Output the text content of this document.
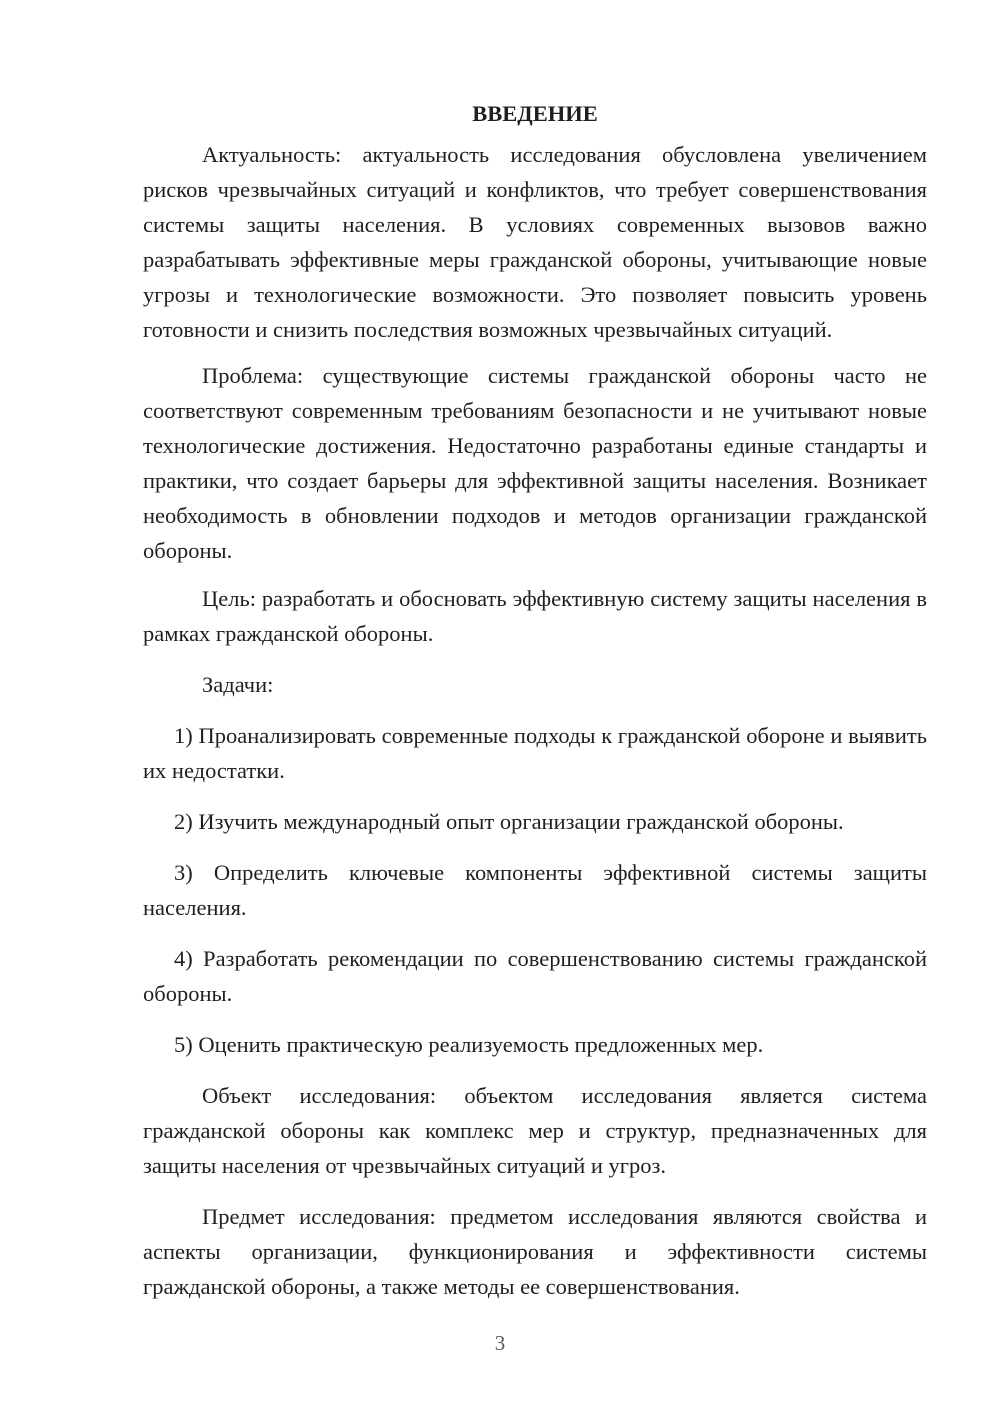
ВВЕДЕНИЕ

Актуальность: актуальность исследования обусловлена увеличением рисков чрезвычайных ситуаций и конфликтов, что требует совершенствования системы защиты населения. В условиях современных вызовов важно разрабатывать эффективные меры гражданской обороны, учитывающие новые угрозы и технологические возможности. Это позволяет повысить уровень готовности и снизить последствия возможных чрезвычайных ситуаций.

Проблема: существующие системы гражданской обороны часто не соответствуют современным требованиям безопасности и не учитывают новые технологические достижения. Недостаточно разработаны единые стандарты и практики, что создает барьеры для эффективной защиты населения. Возникает необходимость в обновлении подходов и методов организации гражданской обороны.

Цель: разработать и обосновать эффективную систему защиты населения в рамках гражданской обороны.

Задачи:

1) Проанализировать современные подходы к гражданской обороне и выявить их недостатки.

2) Изучить международный опыт организации гражданской обороны.

3) Определить ключевые компоненты эффективной системы защиты населения.

4) Разработать рекомендации по совершенствованию системы гражданской обороны.

5) Оценить практическую реализуемость предложенных мер.

Объект исследования: объектом исследования является система гражданской обороны как комплекс мер и структур, предназначенных для защиты населения от чрезвычайных ситуаций и угроз.

Предмет исследования: предметом исследования являются свойства и аспекты организации, функционирования и эффективности системы гражданской обороны, а также методы ее совершенствования.

3
